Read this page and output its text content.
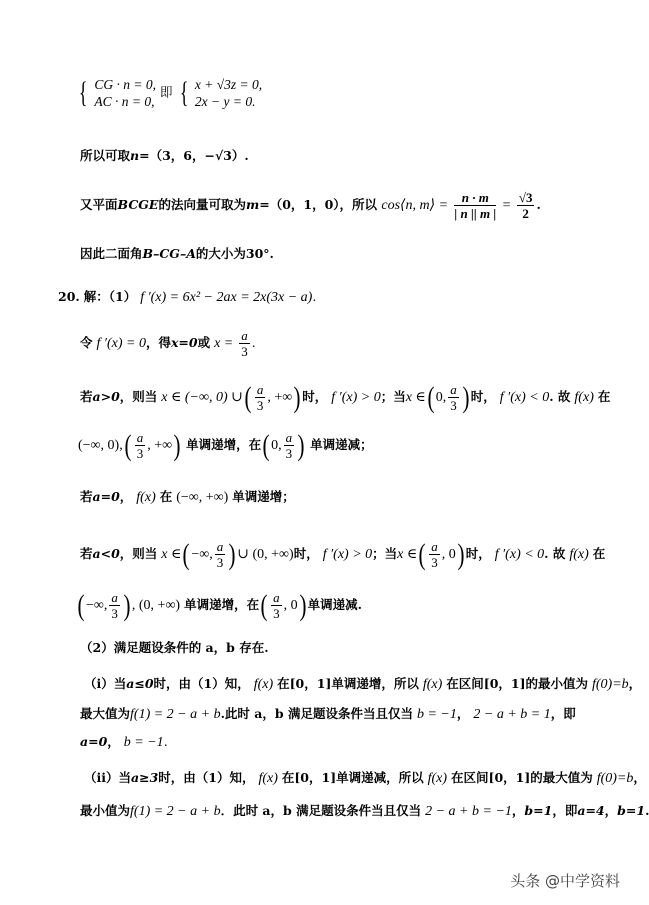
{ CG · n = 0,
AC · n = 0,
即 { x + √3z = 0,
2x − y = 0.
所以可取n=（3，6，−√3）.
又平面BCGE的法向量可取为m=（0，1，0），所以 cos⟨n, m⟩ = $\frac{n \cdot m}{| n || m |} = \frac{√3}{2}$ .
因此二面角B–CG–A的大小为30°.
20. 解：（1） f ′(x) = 6x² − 2ax = 2x(3x − a).
令 f ′(x) = 0，得x=0或 $x = \frac{a}{3}$ .
若a>0，则当 x ∈ (−∞, 0) ∪( $\frac{a}{3}$ , +∞) 时， f ′(x) > 0；当x ∈( 0, $\frac{a}{3}$ ) 时， f ′(x) < 0. 故 f(x) 在
(−∞, $0),( \frac{a}{3}$ , +∞) 单调递增，在( 0, $\frac{a}{3}$ ) 单调递减；
若a=0， f(x) 在 (−∞, +∞) 单调递增；
若a<0，则当 x ∈( −∞, $\frac{a}{3}$ ) ∪ (0, +∞)时， f ′(x) > 0；当x ∈( $\frac{a}{3}$ , 0) 时， f ′(x) < 0. 故 f(x) 在
( −∞, $\frac{a}{3}$ ) , (0, +∞) 单调递增，在( $\frac{a}{3}$ , 0) 单调递减.
（2）满足题设条件的 a，b 存在.
（i）当a≤0时，由（1）知， f(x) 在[0，1]单调递增，所以 f(x) 在区间[0，1]的最小值为 f(0)=b，
最大值为f(1) = 2 − a + b.此时 a，b 满足题设条件当且仅当 b = −1， 2 − a + b = 1，即
a=0， b = −1.
（ii）当a≥3时，由（1）知， f(x) 在[0，1]单调递减，所以 f(x) 在区间[0，1]的最大值为 f(0)=b，
最小值为f(1) = 2 − a + b．此时 a，b 满足题设条件当且仅当 2 − a + b = −1，b=1，即a=4，b=1
头条 @中学资料
